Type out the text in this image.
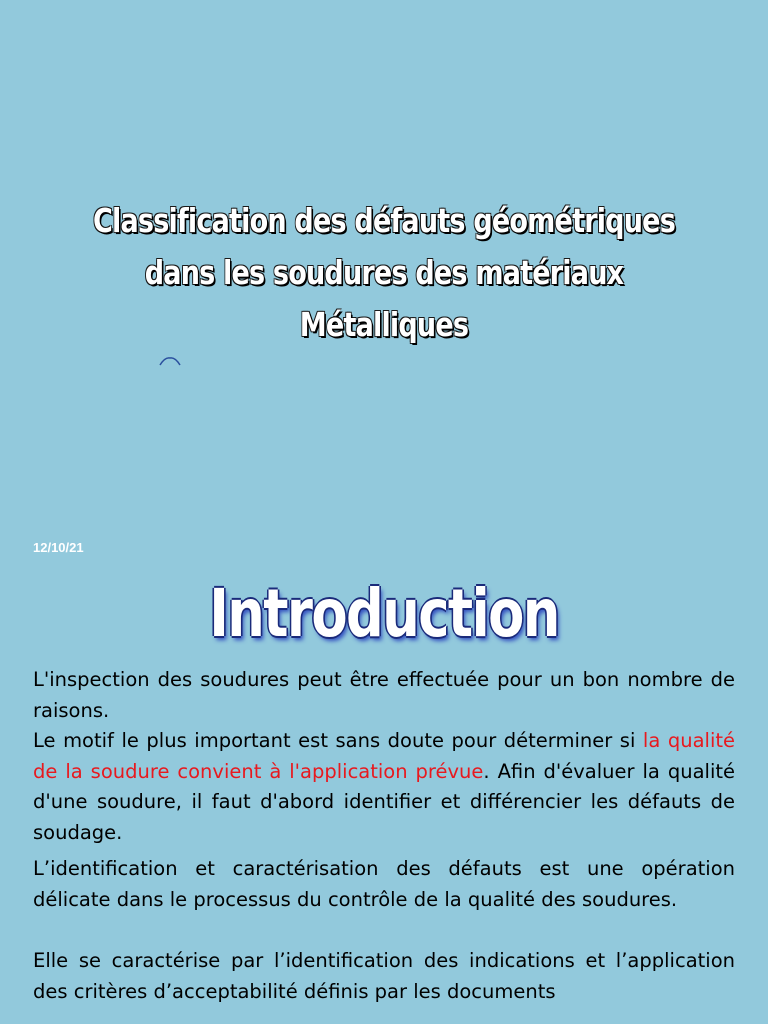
Classification des défauts géométriques
dans les soudures des matériaux
Métalliques
12/10/21
Introduction

L'inspection des soudures peut être effectuée pour un bon nombre de raisons.
Le motif le plus important est sans doute pour déterminer si la qualité de la soudure convient à l'application prévue. Afin d'évaluer la qualité d'une soudure, il faut d'abord identifier et différencier les défauts de soudage.

L’identification et caractérisation des défauts est une opération délicate dans le processus du contrôle de la qualité des soudures.

Elle se caractérise par l’identification des indications et l’application des critères d’acceptabilité définis par les documents
